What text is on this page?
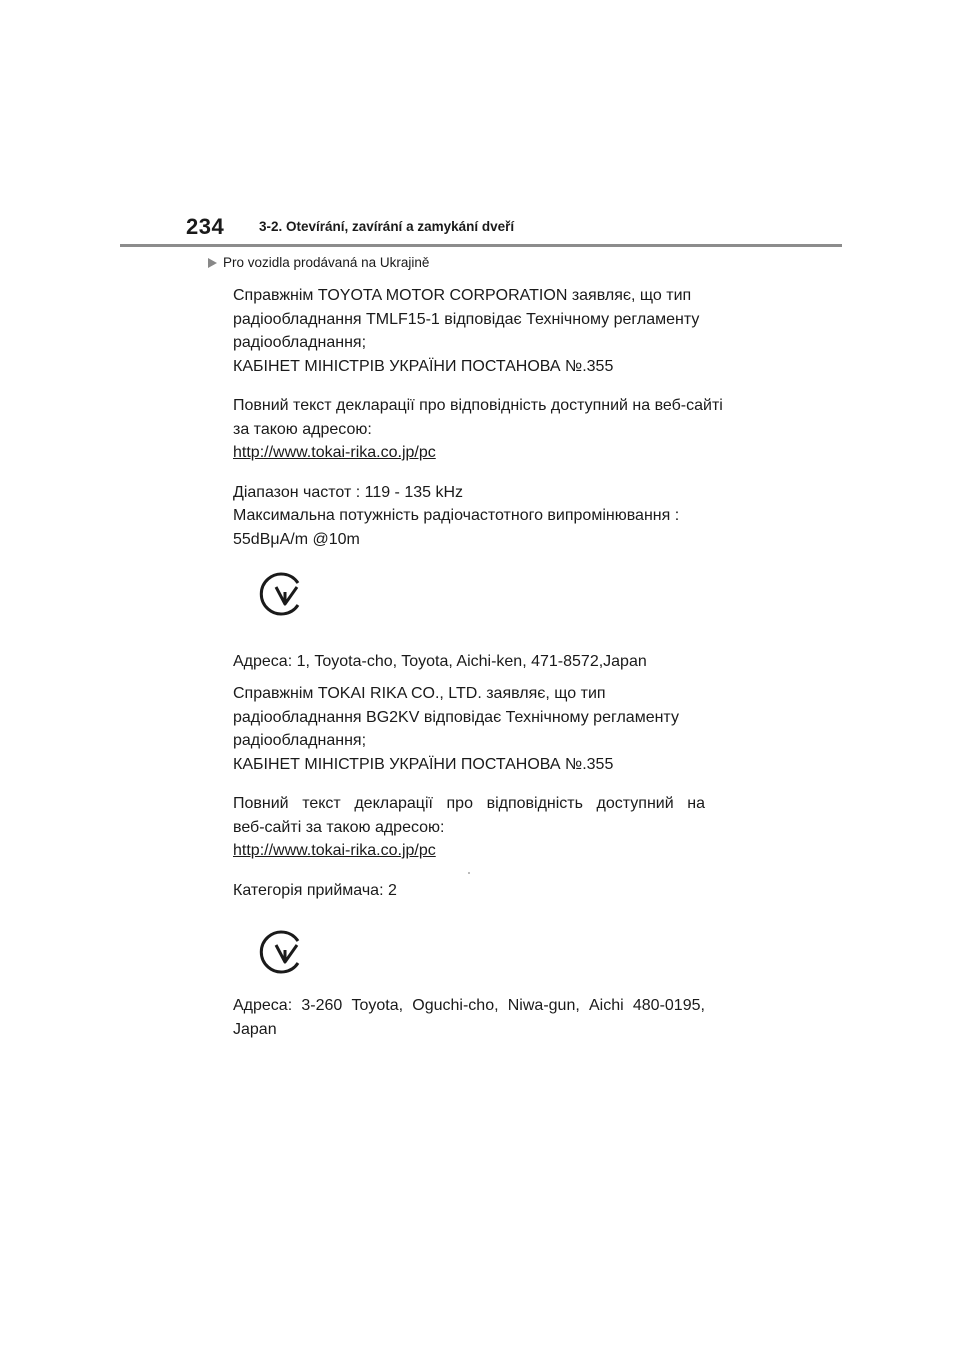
234	3-2. Otevírání, zavírání a zamykání dveří
Pro vozidla prodávaná na Ukrajině
Справжнім TOYOTA MOTOR CORPORATION заявляє, що тип
радіообладнання TMLF15-1 відповідає Технічному регламенту
радіообладнання;
КАБІНЕТ МІНІСТРІВ УКРАЇНИ ПОСТАНОВА №.355
Повний текст декларації про відповідність доступний на веб-сайті
за такою адресою:
http://www.tokai-rika.co.jp/pc
Діапазон частот : 119 - 135 kHz
Максимальна потужність радіочастотного випромінювання :
55dBμA/m @10m
Адреса: 1, Toyota-cho, Toyota, Aichi-ken, 471-8572,Japan
Справжнім TOKAI RIKA CO., LTD. заявляє, що тип
радіообладнання BG2KV відповідає Технічному регламенту
радіообладнання;
КАБІНЕТ МІНІСТРІВ УКРАЇНИ ПОСТАНОВА №.355
Повний текст декларації про відповідність доступний на
веб-сайті за такою адресою:
http://www.tokai-rika.co.jp/pc
Категорія приймача: 2
Адреса: 3-260 Toyota, Oguchi-cho, Niwa-gun, Aichi 480-0195,
Japan
